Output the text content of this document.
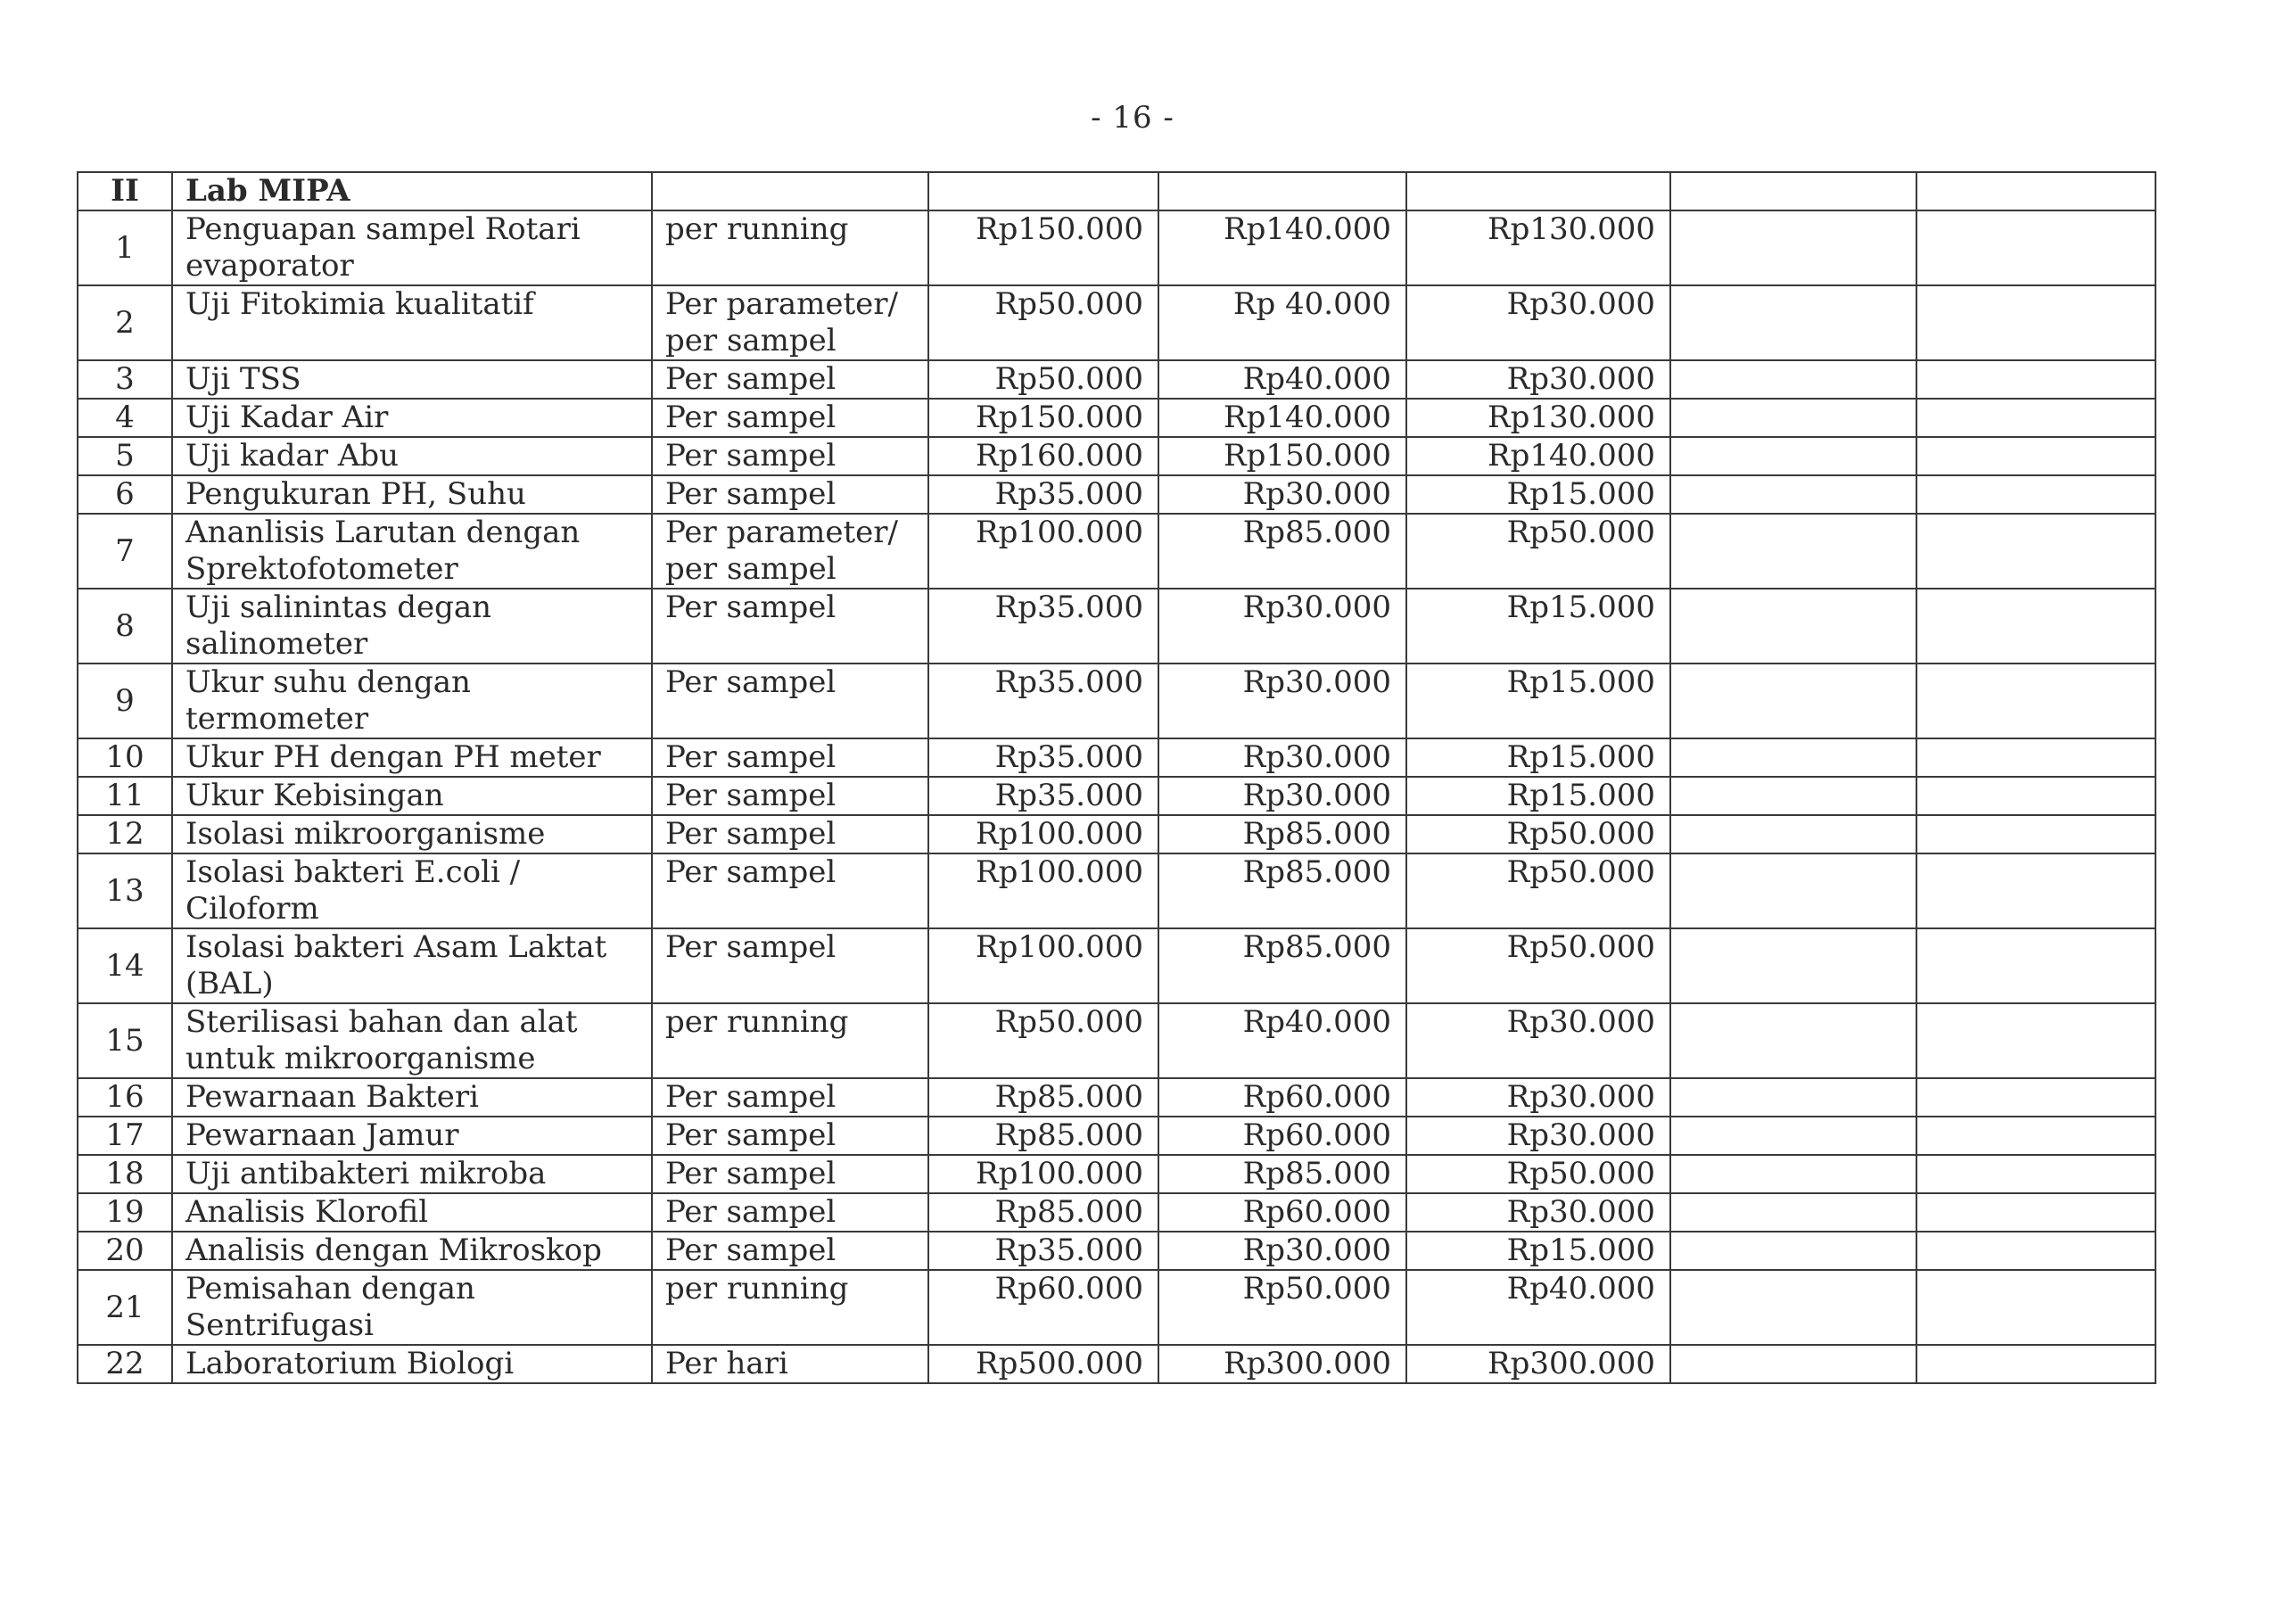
- 16 -
II	Lab MIPA						
1	Penguapan sampel Rotari evaporator	per running	Rp150.000	Rp140.000	Rp130.000		
2	Uji Fitokimia kualitatif	Per parameter/ per sampel	Rp50.000	Rp 40.000	Rp30.000		
3	Uji TSS	Per sampel	Rp50.000	Rp40.000	Rp30.000		
4	Uji Kadar Air	Per sampel	Rp150.000	Rp140.000	Rp130.000		
5	Uji kadar Abu	Per sampel	Rp160.000	Rp150.000	Rp140.000		
6	Pengukuran PH, Suhu	Per sampel	Rp35.000	Rp30.000	Rp15.000		
7	Ananlisis Larutan dengan Sprektofotometer	Per parameter/ per sampel	Rp100.000	Rp85.000	Rp50.000		
8	Uji salinintas degan salinometer	Per sampel	Rp35.000	Rp30.000	Rp15.000		
9	Ukur suhu dengan termometer	Per sampel	Rp35.000	Rp30.000	Rp15.000		
10	Ukur PH dengan PH meter	Per sampel	Rp35.000	Rp30.000	Rp15.000		
11	Ukur Kebisingan	Per sampel	Rp35.000	Rp30.000	Rp15.000		
12	Isolasi mikroorganisme	Per sampel	Rp100.000	Rp85.000	Rp50.000		
13	Isolasi bakteri E.coli / Ciloform	Per sampel	Rp100.000	Rp85.000	Rp50.000		
14	Isolasi bakteri Asam Laktat (BAL)	Per sampel	Rp100.000	Rp85.000	Rp50.000		
15	Sterilisasi bahan dan alat untuk mikroorganisme	per running	Rp50.000	Rp40.000	Rp30.000		
16	Pewarnaan Bakteri	Per sampel	Rp85.000	Rp60.000	Rp30.000		
17	Pewarnaan Jamur	Per sampel	Rp85.000	Rp60.000	Rp30.000		
18	Uji antibakteri mikroba	Per sampel	Rp100.000	Rp85.000	Rp50.000		
19	Analisis Klorofil	Per sampel	Rp85.000	Rp60.000	Rp30.000		
20	Analisis dengan Mikroskop	Per sampel	Rp35.000	Rp30.000	Rp15.000		
21	Pemisahan dengan Sentrifugasi	per running	Rp60.000	Rp50.000	Rp40.000		
22	Laboratorium Biologi	Per hari	Rp500.000	Rp300.000	Rp300.000		
